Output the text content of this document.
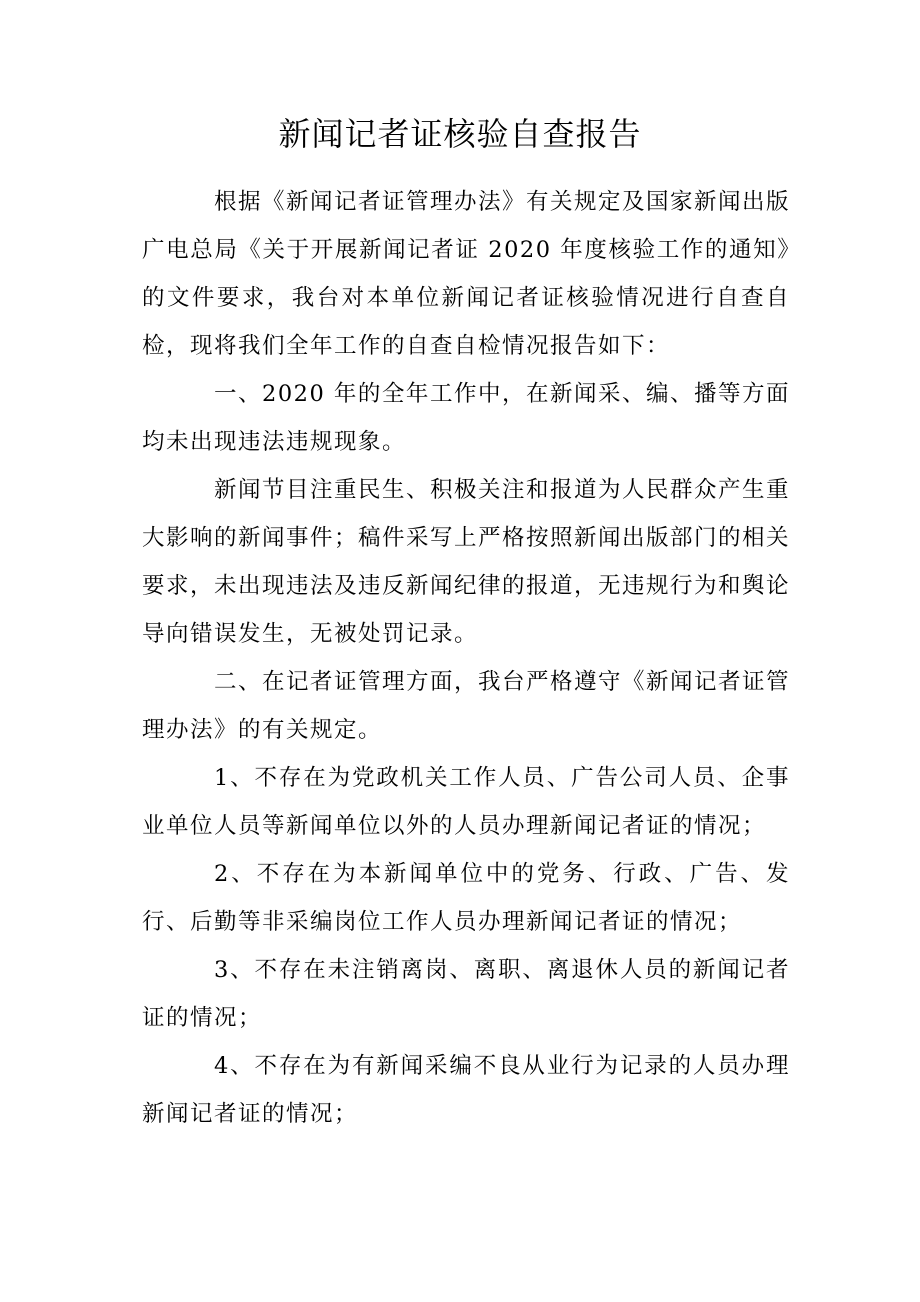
新闻记者证核验自查报告

根据《新闻记者证管理办法》有关规定及国家新闻出版广电总局《关于开展新闻记者证 2020 年度核验工作的通知》的文件要求，我台对本单位新闻记者证核验情况进行自查自检，现将我们全年工作的自查自检情况报告如下：

一、2020 年的全年工作中，在新闻采、编、播等方面均未出现违法违规现象。

新闻节目注重民生、积极关注和报道为人民群众产生重大影响的新闻事件；稿件采写上严格按照新闻出版部门的相关要求，未出现违法及违反新闻纪律的报道，无违规行为和舆论导向错误发生，无被处罚记录。

二、在记者证管理方面，我台严格遵守《新闻记者证管理办法》的有关规定。

1、不存在为党政机关工作人员、广告公司人员、企事业单位人员等新闻单位以外的人员办理新闻记者证的情况；

2、不存在为本新闻单位中的党务、行政、广告、发行、后勤等非采编岗位工作人员办理新闻记者证的情况；

3、不存在未注销离岗、离职、离退休人员的新闻记者证的情况；

4、不存在为有新闻采编不良从业行为记录的人员办理新闻记者证的情况；
